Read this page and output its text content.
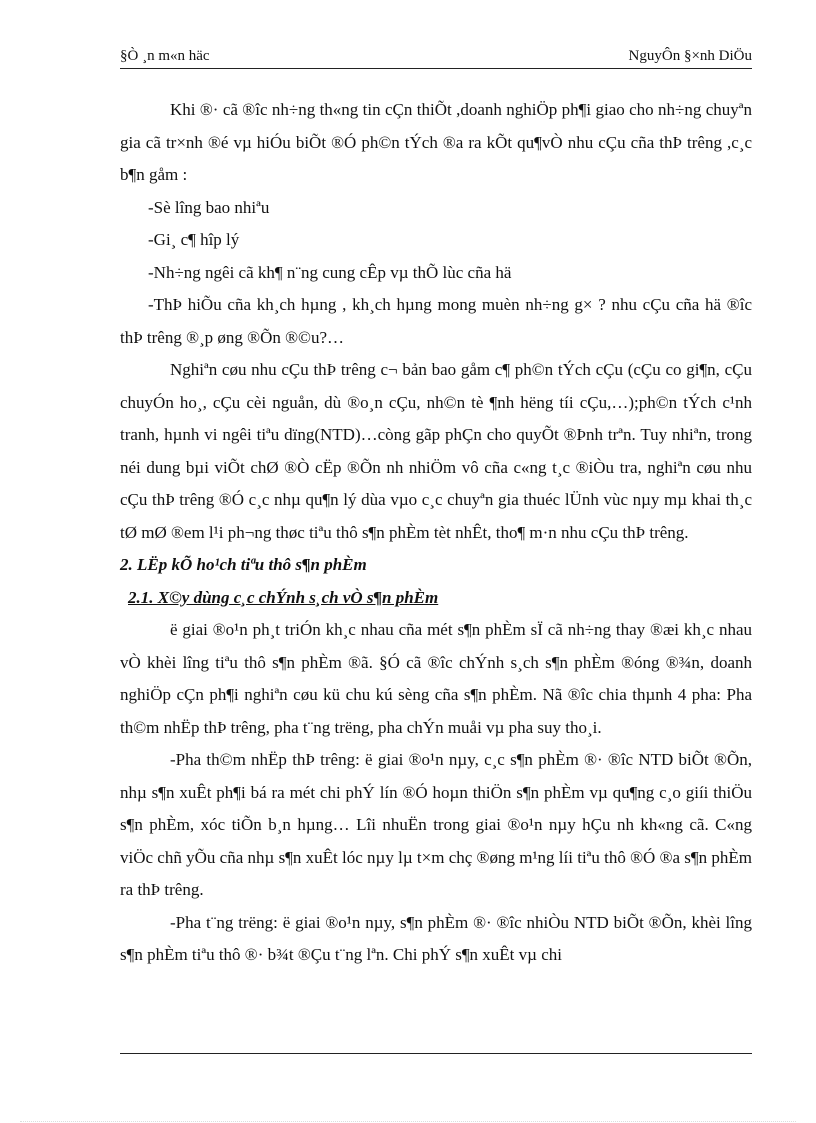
§Ò ¸n m«n häc	NguyÔn §×nh DiÖu

Khi ®· cã ®îc nh÷ng th«ng tin cÇn thiÕt ,doanh nghiÖp ph¶i giao cho nh÷ng chuyªn gia cã tr×nh ®é vµ hiÓu biÕt ®Ó ph©n tÝch ®a ra kÕt qu¶vÒ nhu cÇu cña thÞ trêng ,c¸c b¶n gåm :

-Sè lîng bao nhiªu

-Gi¸ c¶ hîp lý

-Nh÷ng ngêi cã kh¶ n¨ng cung cÊp vµ thÕ lùc cña hä

-ThÞ hiÕu cña kh¸ch hµng , kh¸ch hµng mong muèn nh÷ng g× ? nhu cÇu cña hä ®îc thÞ trêng ®¸p øng ®Õn ®©u?…

Nghiªn cøu nhu cÇu thÞ trêng c¬ bản bao gåm c¶ ph©n tÝch cÇu (cÇu co gi¶n, cÇu chuyÓn ho¸, cÇu cèi nguån, dù ®o¸n cÇu, nh©n tè ¶nh hëng tíi cÇu,…);ph©n tÝch c¹nh tranh, hµnh vi ngêi tiªu dïng(NTD)…còng gãp phÇn cho quyÕt ®Þnh trªn. Tuy nhiªn, trong néi dung bµi viÕt chØ ®Ò cËp ®Õn nh nhiÖm vô cña c«ng t¸c ®iÒu tra, nghiªn cøu nhu cÇu thÞ trêng ®Ó c¸c nhµ qu¶n lý dùa vµo c¸c chuyªn gia thuéc lÜnh vùc nµy mµ khai th¸c tØ mØ ®em l¹i ph¬ng thøc tiªu thô s¶n phÈm tèt nhÊt, tho¶ m·n nhu cÇu thÞ trêng.

2. LËp kÕ ho¹ch tiªu thô s¶n phÈm

2.1. X©y dùng c¸c chÝnh s¸ch vÒ s¶n phÈm

ë giai ®o¹n ph¸t triÓn kh¸c nhau cña mét s¶n phÈm sÏ cã nh÷ng thay ®æi kh¸c nhau vÒ khèi lîng tiªu thô s¶n phÈm ®ã. §Ó cã ®îc chÝnh s¸ch s¶n phÈm ®óng ®¾n, doanh nghiÖp cÇn ph¶i nghiªn cøu kü chu kú sèng cña s¶n phÈm. Nã ®îc chia thµnh 4 pha: Pha th©m nhËp thÞ trêng, pha t¨ng trëng, pha chÝn muåi vµ pha suy tho¸i.

-Pha th©m nhËp thÞ trêng: ë giai ®o¹n nµy, c¸c s¶n phÈm ®· ®îc NTD biÕt ®Õn, nhµ s¶n xuÊt ph¶i bá ra mét chi phÝ lín ®Ó hoµn thiÖn s¶n phÈm vµ qu¶ng c¸o giíi thiÖu s¶n phÈm, xóc tiÕn b¸n hµng… Lîi nhuËn trong giai ®o¹n nµy hÇu nh kh«ng cã. C«ng viÖc chñ yÕu cña nhµ s¶n xuÊt lóc nµy lµ t×m chç ®øng m¹ng líi tiªu thô ®Ó ®a s¶n phÈm ra thÞ trêng.

-Pha t¨ng trëng: ë giai ®o¹n nµy, s¶n phÈm ®· ®îc nhiÒu NTD biÕt ®Õn, khèi lîng s¶n phÈm tiªu thô ®· b¾t ®Çu t¨ng lªn. Chi phÝ s¶n xuÊt vµ chi
